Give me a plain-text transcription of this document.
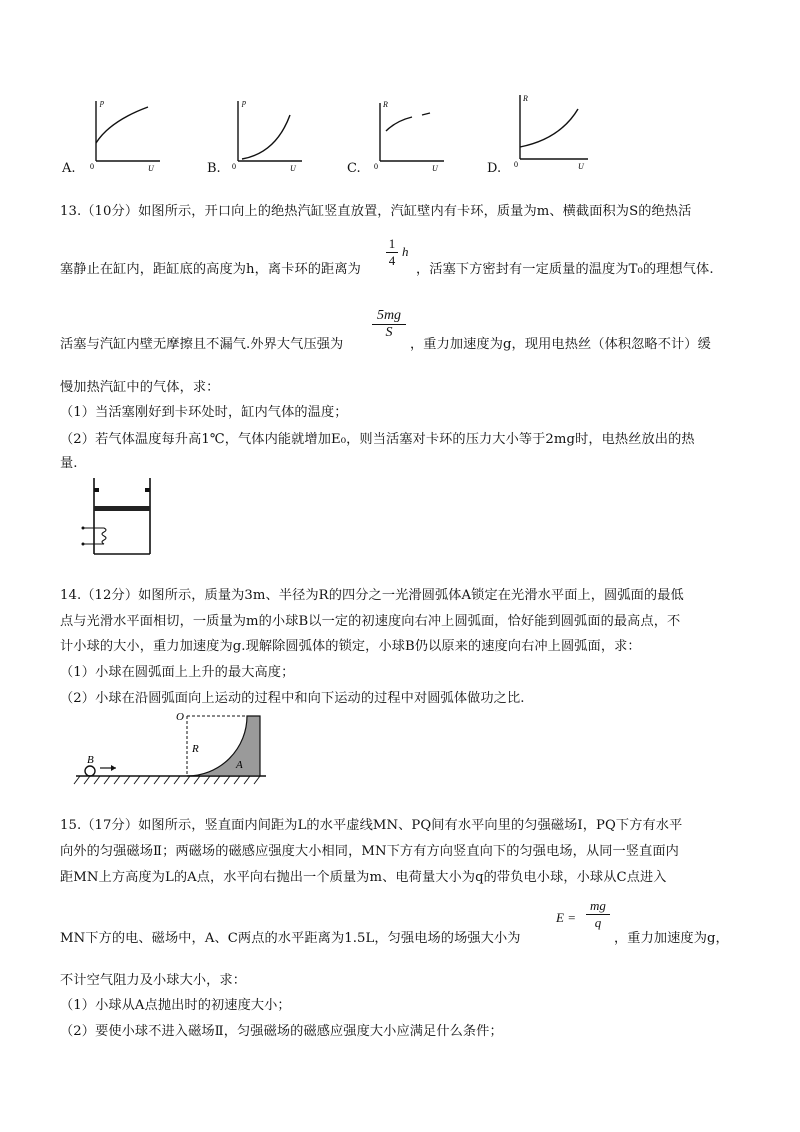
A.
p
U
0	B.
p
U
0	C.
R
U
0	D.
R
U
0
13.（10分）如图所示，开口向上的绝热汽缸竖直放置，汽缸壁内有卡环，质量为m、横截面积为S的绝热活
塞静止在缸内，距缸底的高度为h，离卡环的距离为
1
4
h
，活塞下方密封有一定质量的温度为T₀的理想气体.
活塞与汽缸内壁无摩擦且不漏气.外界大气压强为
5mg
S
，重力加速度为g，现用电热丝（体积忽略不计）缓
慢加热汽缸中的气体，求：
（1）当活塞刚好到卡环处时，缸内气体的温度；
（2）若气体温度每升高1℃，气体内能就增加E₀，则当活塞对卡环的压力大小等于2mg时，电热丝放出的热
量.
14.（12分）如图所示，质量为3m、半径为R的四分之一光滑圆弧体A锁定在光滑水平面上，圆弧面的最低
点与光滑水平面相切，一质量为m的小球B以一定的初速度向右冲上圆弧面，恰好能到圆弧面的最高点，不
计小球的大小，重力加速度为g.现解除圆弧体的锁定，小球B仍以原来的速度向右冲上圆弧面，求：
（1）小球在圆弧面上上升的最大高度；
（2）小球在沿圆弧面向上运动的过程中和向下运动的过程中对圆弧体做功之比.
O
R
A
B
15.（17分）如图所示，竖直面内间距为L的水平虚线MN、PQ间有水平向里的匀强磁场Ⅰ，PQ下方有水平
向外的匀强磁场Ⅱ；两磁场的磁感应强度大小相同，MN下方有方向竖直向下的匀强电场，从同一竖直面内
距MN上方高度为L的A点，水平向右抛出一个质量为m、电荷量大小为q的带负电小球，小球从C点进入
MN下方的电、磁场中，A、C两点的水平距离为1.5L，匀强电场的场强大小为
E =
mg
q
，重力加速度为g，
不计空气阻力及小球大小，求：
（1）小球从A点抛出时的初速度大小；
（2）要使小球不进入磁场Ⅱ，匀强磁场的磁感应强度大小应满足什么条件；
